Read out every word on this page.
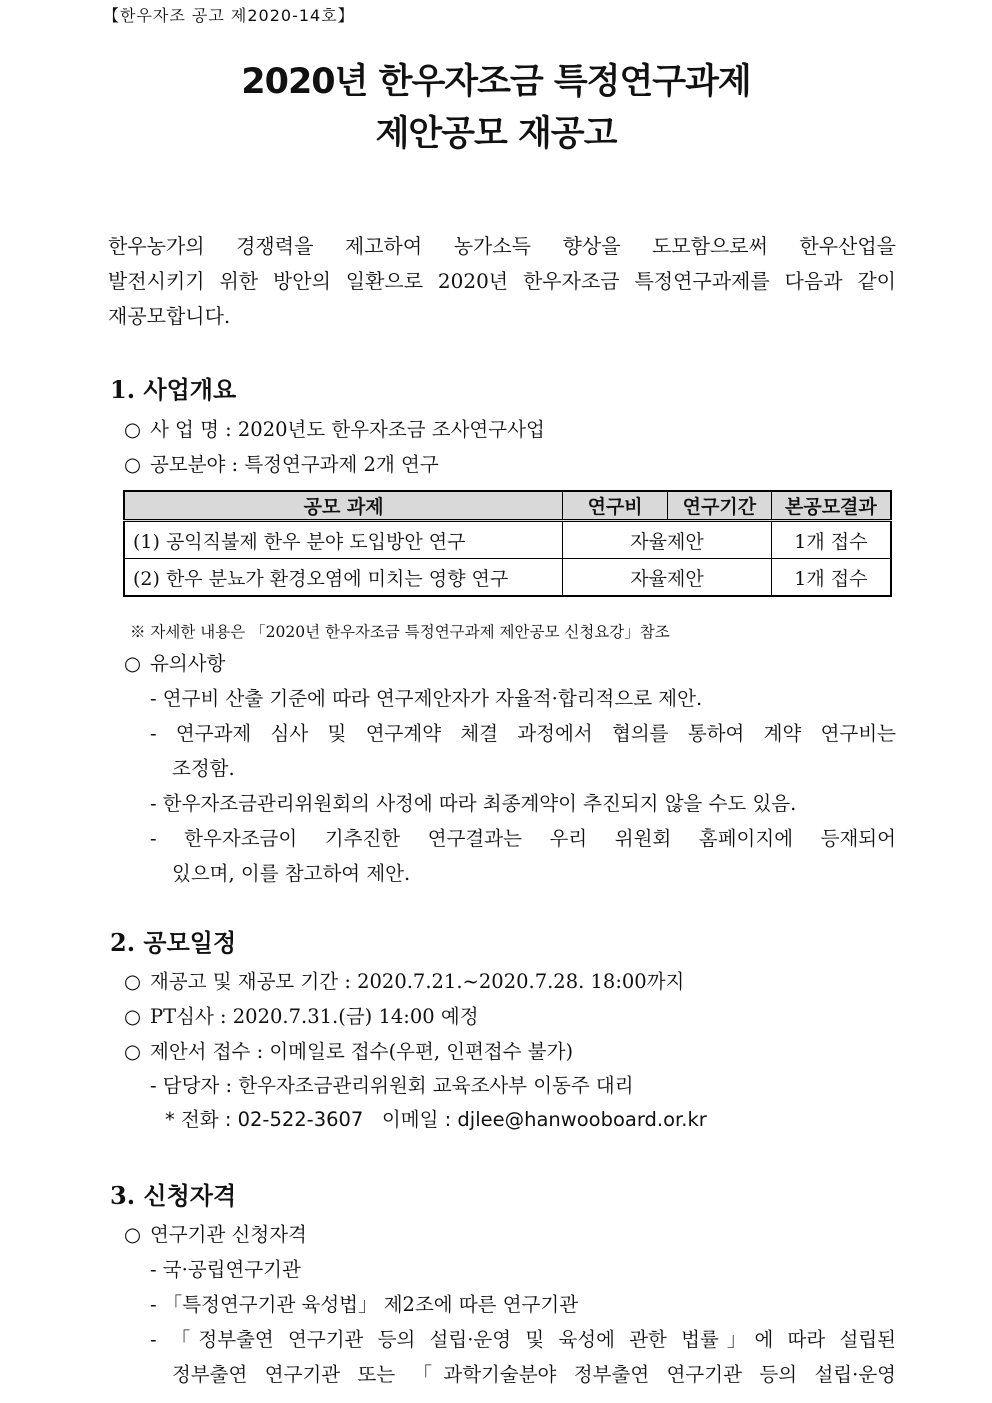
【한우자조 공고 제2020-14호】
2020년 한우자조금 특정연구과제
제안공모 재공고
한우농가의 경쟁력을 제고하여 농가소득 향상을 도모함으로써 한우산업을
발전시키기 위한 방안의 일환으로 2020년 한우자조금 특정연구과제를 다음과 같이
재공모합니다.
1. 사업개요
○ 사 업 명 : 2020년도 한우자조금 조사연구사업
○ 공모분야 : 특정연구과제 2개 연구
공모 과제	연구비	연구기간	본공모결과
(1) 공익직불제 한우 분야 도입방안 연구	자율제안		1개 접수
(2) 한우 분뇨가 환경오염에 미치는 영향 연구	자율제안		1개 접수
※ 자세한 내용은 「2020년 한우자조금 특정연구과제 제안공모 신청요강」참조
○ 유의사항
- 연구비 산출 기준에 따라 연구제안자가 자율적·합리적으로 제안.
- 연구과제 심사 및 연구계약 체결 과정에서 협의를 통하여 계약 연구비는
조정함.
- 한우자조금관리위원회의 사정에 따라 최종계약이 추진되지 않을 수도 있음.
- 한우자조금이 기추진한 연구결과는 우리 위원회 홈페이지에 등재되어
있으며, 이를 참고하여 제안.
2. 공모일정
○ 재공고 및 재공모 기간 : 2020.7.21.~2020.7.28. 18:00까지
○ PT심사 : 2020.7.31.(금) 14:00 예정
○ 제안서 접수 : 이메일로 접수(우편, 인편접수 불가)
- 담당자 : 한우자조금관리위원회 교육조사부 이동주 대리
* 전화 : 02-522-3607   이메일 : djlee@hanwooboard.or.kr
3. 신청자격
○ 연구기관 신청자격
- 국·공립연구기관
- 「특정연구기관 육성법」 제2조에 따른 연구기관
- 「정부출연 연구기관 등의 설립·운영 및 육성에 관한 법률」에 따라 설립된
정부출연 연구기관 또는 「과학기술분야 정부출연 연구기관 등의 설립·운영
